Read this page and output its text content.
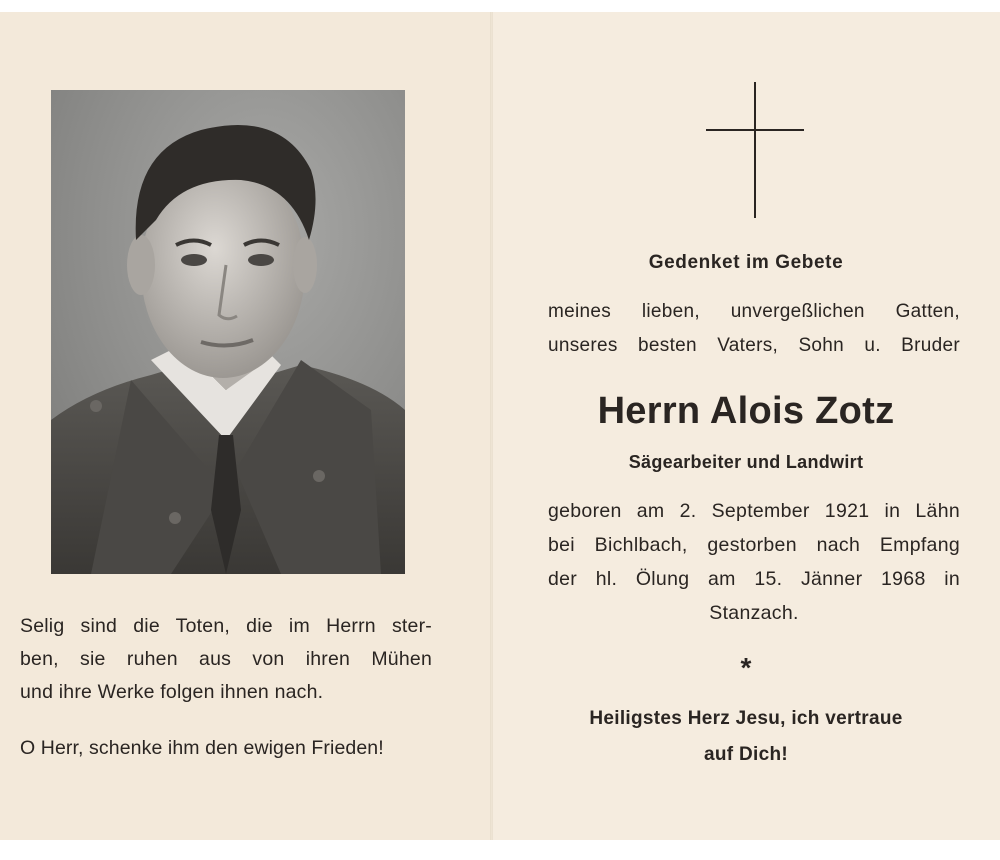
Selig sind die Toten, die im Herrn ster-
ben, sie ruhen aus von ihren Mühen
und ihre Werke folgen ihnen nach.

O Herr, schenke ihm den ewigen Frieden!

Gedenket im Gebete

meines lieben, unvergeßlichen Gatten,
unseres besten Vaters, Sohn u. Bruder

Herrn Alois Zotz

Sägearbeiter und Landwirt

geboren am 2. September 1921 in Lähn
bei Bichlbach, gestorben nach Empfang
der hl. Ölung am 15. Jänner 1968 in
Stanzach.

*

Heiligstes Herz Jesu, ich vertraue

auf Dich!
